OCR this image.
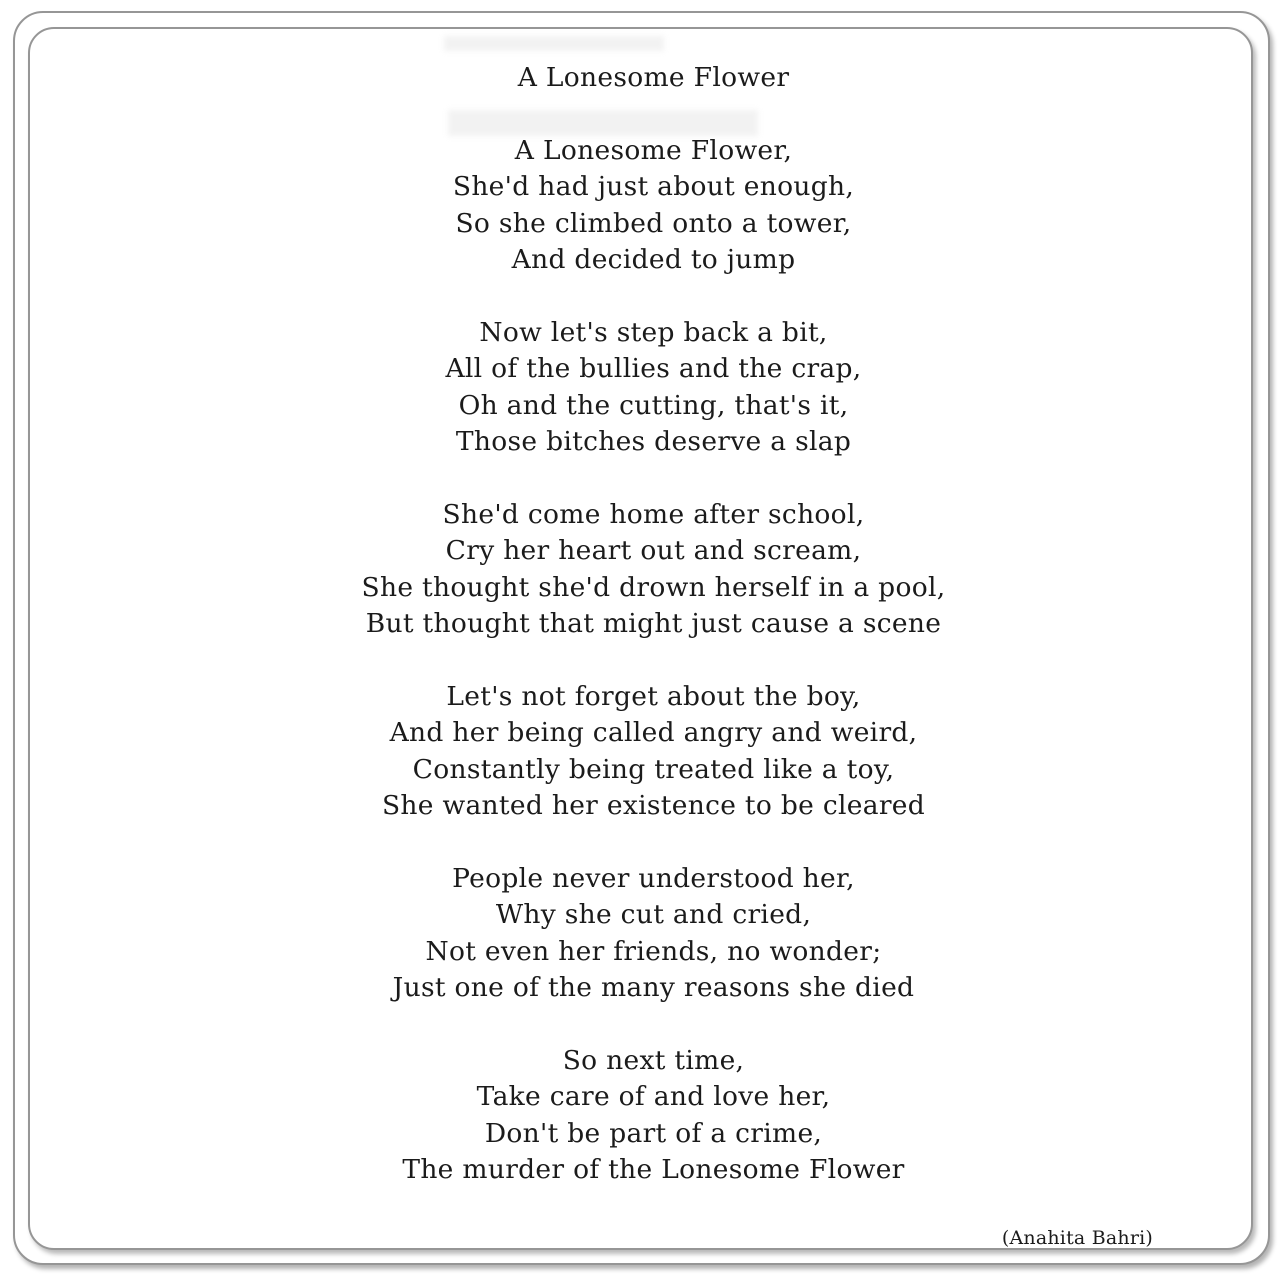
A Lonesome Flower
A Lonesome Flower,
She'd had just about enough,
So she climbed onto a tower,
And decided to jump
Now let's step back a bit,
All of the bullies and the crap,
Oh and the cutting, that's it,
Those bitches deserve a slap
She'd come home after school,
Cry her heart out and scream,
She thought she'd drown herself in a pool,
But thought that might just cause a scene
Let's not forget about the boy,
And her being called angry and weird,
Constantly being treated like a toy,
She wanted her existence to be cleared
People never understood her,
Why she cut and cried,
Not even her friends, no wonder;
Just one of the many reasons she died
So next time,
Take care of and love her,
Don't be part of a crime,
The murder of the Lonesome Flower
(Anahita Bahri)
